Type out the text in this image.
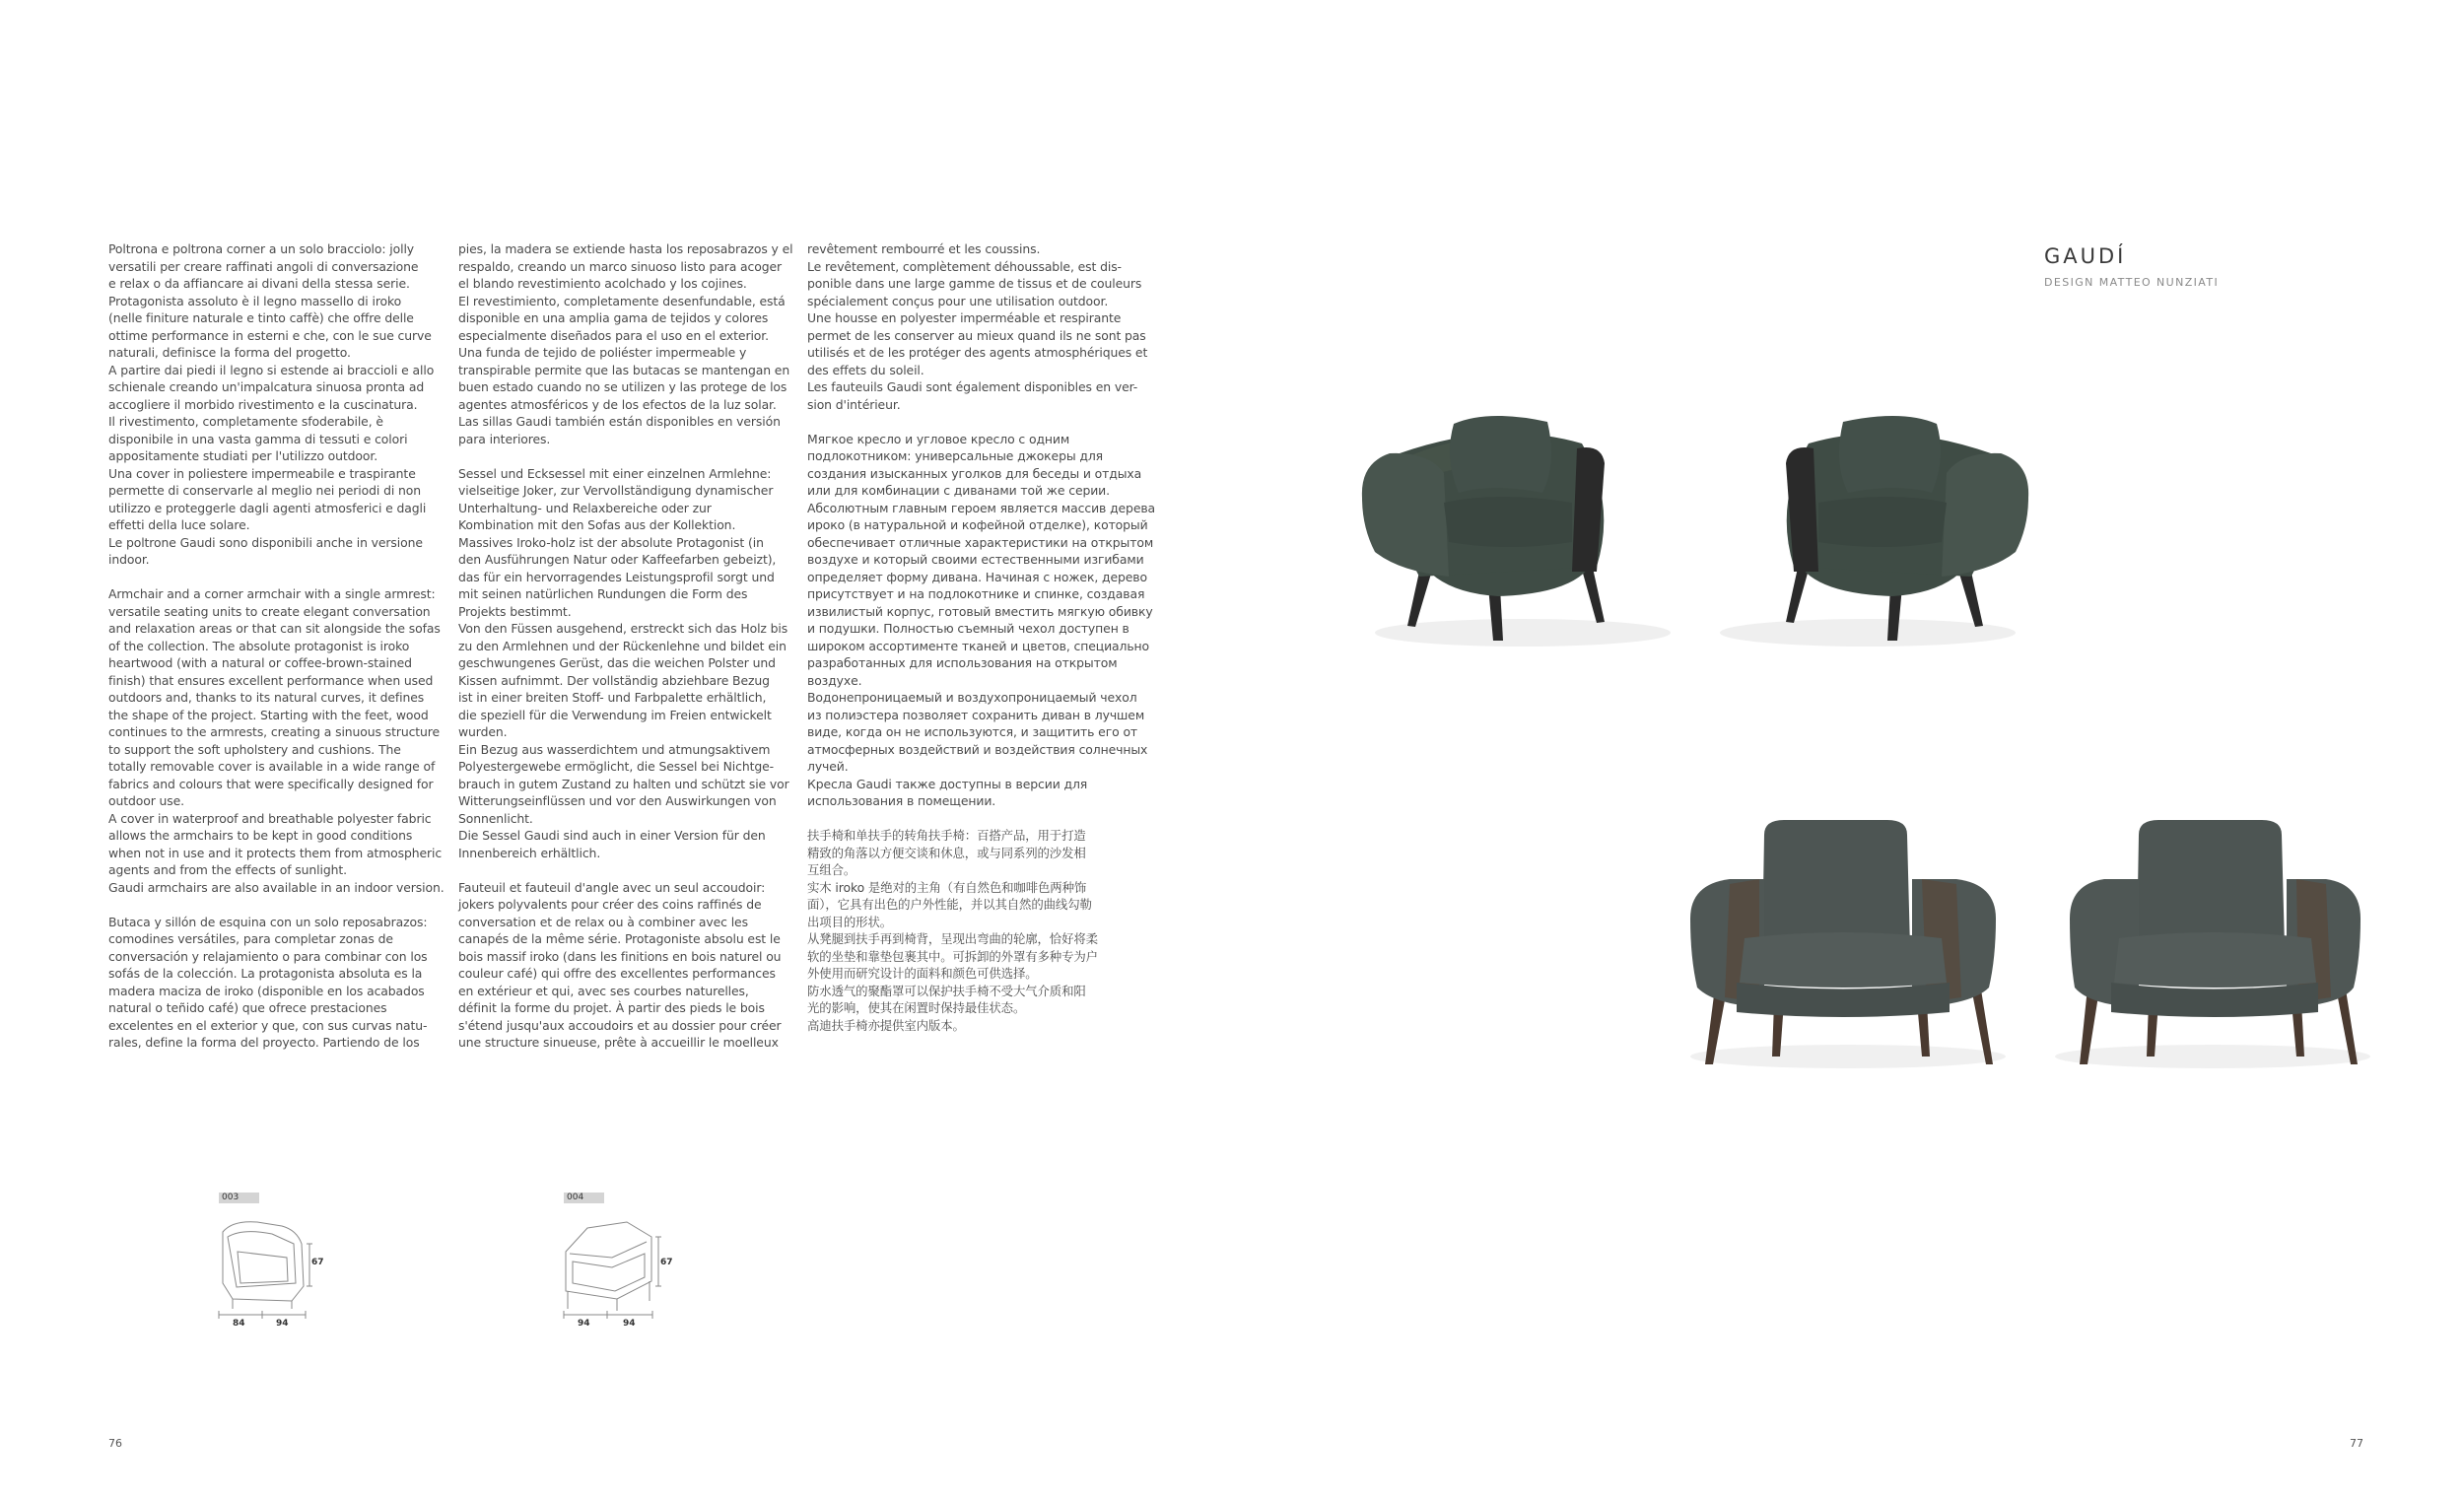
Poltrona e poltrona corner a un solo bracciolo: jolly
versatili per creare raffinati angoli di conversazione
e relax o da affiancare ai divani della stessa serie.
Protagonista assoluto è il legno massello di iroko
(nelle finiture naturale e tinto caffè) che offre delle
ottime performance in esterni e che, con le sue curve
naturali, definisce la forma del progetto.
A partire dai piedi il legno si estende ai braccioli e allo
schienale creando un'impalcatura sinuosa pronta ad
accogliere il morbido rivestimento e la cuscinatura.
Il rivestimento, completamente sfoderabile, è
disponibile in una vasta gamma di tessuti e colori
appositamente studiati per l'utilizzo outdoor.
Una cover in poliestere impermeabile e traspirante
permette di conservarle al meglio nei periodi di non
utilizzo e proteggerle dagli agenti atmosferici e dagli
effetti della luce solare.
Le poltrone Gaudi sono disponibili anche in versione
indoor.

Armchair and a corner armchair with a single armrest:
versatile seating units to create elegant conversation
and relaxation areas or that can sit alongside the sofas
of the collection. The absolute protagonist is iroko
heartwood (with a natural or coffee-brown-stained
finish) that ensures excellent performance when used
outdoors and, thanks to its natural curves, it defines
the shape of the project. Starting with the feet, wood
continues to the armrests, creating a sinuous structure
to support the soft upholstery and cushions. The
totally removable cover is available in a wide range of
fabrics and colours that were specifically designed for
outdoor use.
A cover in waterproof and breathable polyester fabric
allows the armchairs to be kept in good conditions
when not in use and it protects them from atmospheric
agents and from the effects of sunlight.
Gaudi armchairs are also available in an indoor version.

Butaca y sillón de esquina con un solo reposabrazos:
comodines versátiles, para completar zonas de
conversación y relajamiento o para combinar con los
sofás de la colección. La protagonista absoluta es la
madera maciza de iroko (disponible en los acabados
natural o teñido café) que ofrece prestaciones
excelentes en el exterior y que, con sus curvas natu-
rales, define la forma del proyecto. Partiendo de los

pies, la madera se extiende hasta los reposabrazos y el
respaldo, creando un marco sinuoso listo para acoger
el blando revestimiento acolchado y los cojines.
El revestimiento, completamente desenfundable, está
disponible en una amplia gama de tejidos y colores
especialmente diseñados para el uso en el exterior.
Una funda de tejido de poliéster impermeable y
transpirable permite que las butacas se mantengan en
buen estado cuando no se utilizen y las protege de los
agentes atmosféricos y de los efectos de la luz solar.
Las sillas Gaudi también están disponibles en versión
para interiores.

Sessel und Ecksessel mit einer einzelnen Armlehne:
vielseitige Joker, zur Vervollständigung dynamischer
Unterhaltung- und Relaxbereiche oder zur
Kombination mit den Sofas aus der Kollektion.
Massives Iroko-holz ist der absolute Protagonist (in
den Ausführungen Natur oder Kaffeefarben gebeizt),
das für ein hervorragendes Leistungsprofil sorgt und
mit seinen natürlichen Rundungen die Form des
Projekts bestimmt.
Von den Füssen ausgehend, erstreckt sich das Holz bis
zu den Armlehnen und der Rückenlehne und bildet ein
geschwungenes Gerüst, das die weichen Polster und
Kissen aufnimmt. Der vollständig abziehbare Bezug
ist in einer breiten Stoff- und Farbpalette erhältlich,
die speziell für die Verwendung im Freien entwickelt
wurden.
Ein Bezug aus wasserdichtem und atmungsaktivem
Polyestergewebe ermöglicht, die Sessel bei Nichtge-
brauch in gutem Zustand zu halten und schützt sie vor
Witterungseinflüssen und vor den Auswirkungen von
Sonnenlicht.
Die Sessel Gaudi sind auch in einer Version für den
Innenbereich erhältlich.

Fauteuil et fauteuil d'angle avec un seul accoudoir:
jokers polyvalents pour créer des coins raffinés de
conversation et de relax ou à combiner avec les
canapés de la même série. Protagoniste absolu est le
bois massif iroko (dans les finitions en bois naturel ou
couleur café) qui offre des excellentes performances
en extérieur et qui, avec ses courbes naturelles,
définit la forme du projet. À partir des pieds le bois
s'étend jusqu'aux accoudoirs et au dossier pour créer
une structure sinueuse, prête à accueillir le moelleux

revêtement rembourré et les coussins.
Le revêtement, complètement déhoussable, est dis-
ponible dans une large gamme de tissus et de couleurs
spécialement conçus pour une utilisation outdoor.
Une housse en polyester imperméable et respirante
permet de les conserver au mieux quand ils ne sont pas
utilisés et de les protéger des agents atmosphériques et
des effets du soleil.
Les fauteuils Gaudi sont également disponibles en ver-
sion d'intérieur.

Мягкое кресло и угловое кресло с одним
подлокотником: универсальные джокеры для
создания изысканных уголков для беседы и отдыха
или для комбинации с диванами той же серии.
Абсолютным главным героем является массив дерева
ироко (в натуральной и кофейной отделке), который
обеспечивает отличные характеристики на открытом
воздухе и который своими естественными изгибами
определяет форму дивана. Начиная с ножек, дерево
присутствует и на подлокотнике и спинке, создавая
извилистый корпус, готовый вместить мягкую обивку
и подушки. Полностью съемный чехол доступен в
широком ассортименте тканей и цветов, специально
разработанных для использования на открытом
воздухе.
Водонепроницаемый и воздухопроницаемый чехол
из полиэстера позволяет сохранить диван в лучшем
виде, когда он не используются, и защитить его от
атмосферных воздействий и воздействия солнечных
лучей.
Кресла Gaudi также доступны в версии для
использования в помещении.

扶手椅和单扶手的转角扶手椅：百搭产品，用于打造
精致的角落以方便交谈和休息，或与同系列的沙发相
互组合。
实木 iroko 是绝对的主角（有自然色和咖啡色两种饰
面），它具有出色的户外性能，并以其自然的曲线勾勒
出项目的形状。
从凳腿到扶手再到椅背，呈现出弯曲的轮廓，恰好将柔
软的坐垫和靠垫包裹其中。可拆卸的外罩有多种专为户
外使用而研究设计的面料和颜色可供选择。
防水透气的聚酯罩可以保护扶手椅不受大气介质和阳
光的影响，使其在闲置时保持最佳状态。
高迪扶手椅亦提供室内版本。

GAUDÍ
DESIGN MATTEO NUNZIATI
003
67
84	94
004
67
94	94
76	77
